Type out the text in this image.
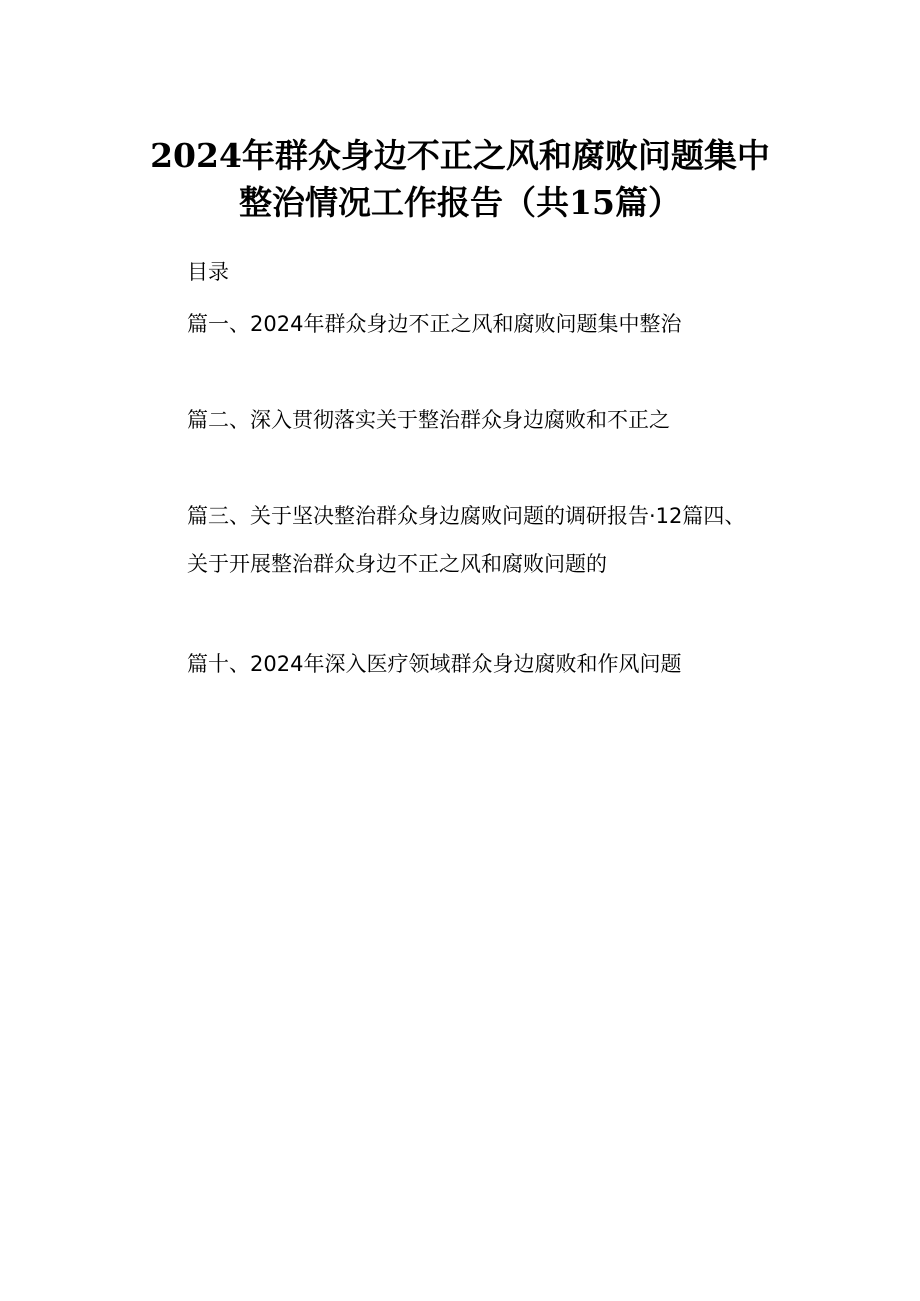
2024年群众身边不正之风和腐败问题集中
整治情况工作报告（共15篇）
目录
篇一、2024年群众身边不正之风和腐败问题集中整治
篇二、深入贯彻落实关于整治群众身边腐败和不正之
篇三、关于坚决整治群众身边腐败问题的调研报告·12篇四、
关于开展整治群众身边不正之风和腐败问题的
篇十、2024年深入医疗领域群众身边腐败和作风问题
